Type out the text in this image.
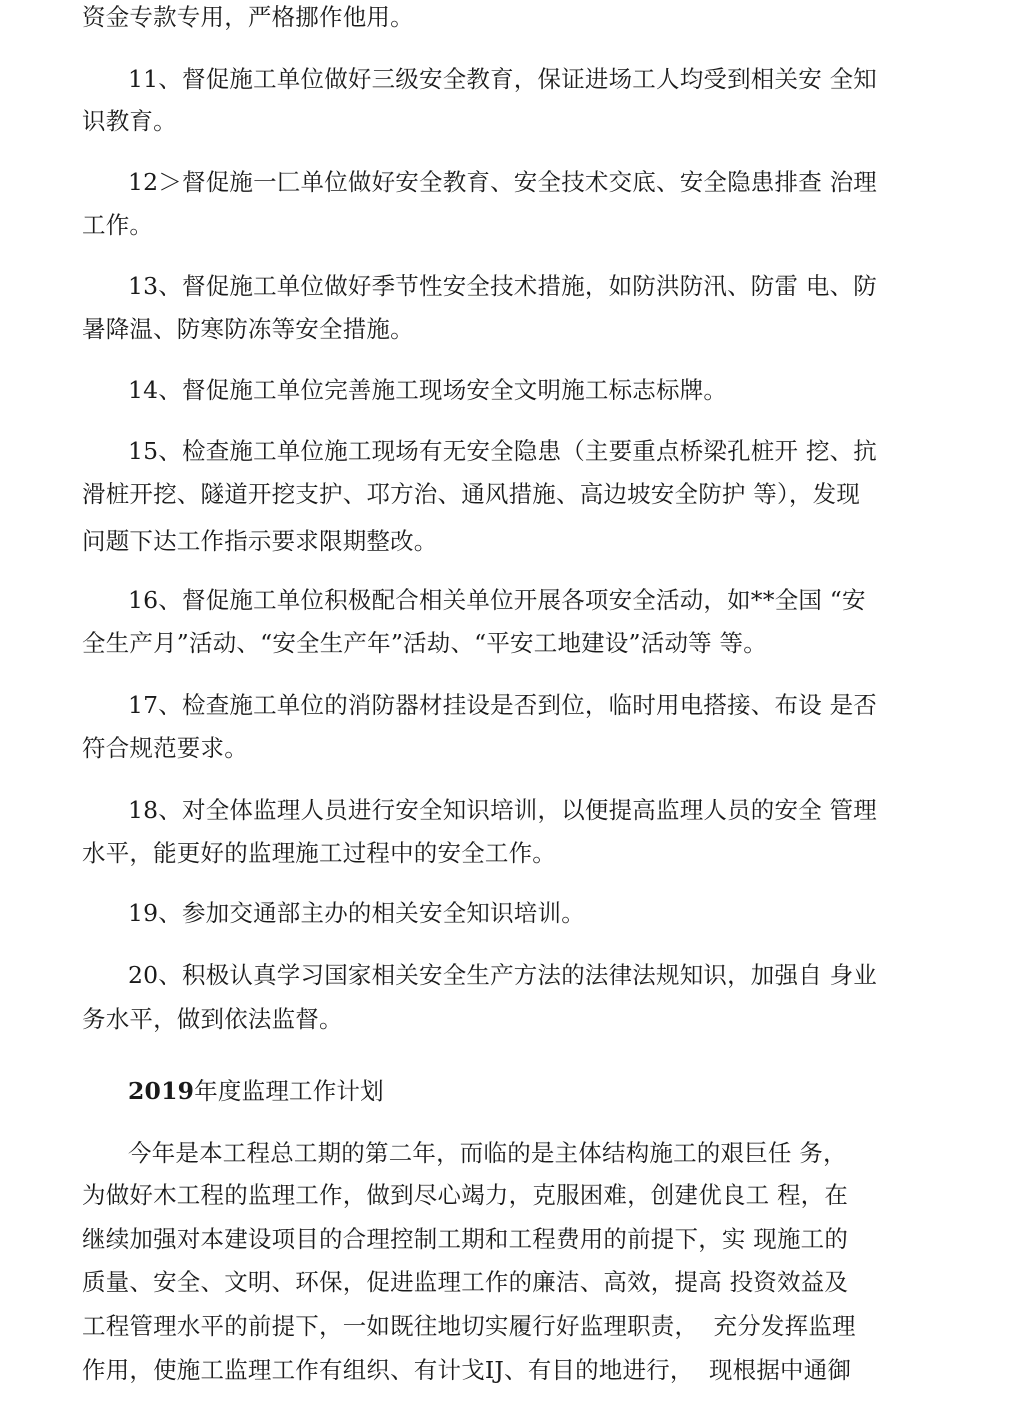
资金专款专用，严格挪作他用。
11、督促施工单位做好三级安全教育，保证进场工人均受到相关安 全知
识教育。
12＞督促施一匚单位做好安全教育、安全技术交底、安全隐患排查 治理
工作。
13、督促施工单位做好季节性安全技术措施，如防洪防汛、防雷 电、防
暑降温、防寒防冻等安全措施。
14、督促施工单位完善施工现场安全文明施工标志标牌。
15、检查施工单位施工现场有无安全隐患（主要重点桥梁孔桩开 挖、抗
滑桩开挖、隧道开挖支护、邛方治、通风措施、高边坡安全防护 等），发现
问题下达工作指示要求限期整改。
16、督促施工单位积极配合相关单位开展各项安全活动，如**全国 “安
全生产月”活动、“安全生产年”活劫、“平安工地建设”活动等 等。
17、检查施工单位的消防器材挂设是否到位，临时用电搭接、布设 是否
符合规范要求。
18、对全体监理人员进行安全知识培训，以便提高监理人员的安全 管理
水平，能更好的监理施工过程中的安全工作。
19、参加交通部主办的相关安全知识培训。
20、积极认真学习国家相关安全生产方法的法律法规知识，加强自 身业
务水平，做到依法监督。
2019年度监理工作计划
今年是本工程总工期的第二年，而临的是主体结构施工的艰巨任 务，
为做好木工程的监理工作，做到尽心竭力，克服困难，创建优良工 程，在
继续加强对本建设项目的合理控制工期和工程费用的前提下，实 现施工的
质量、安全、文明、环保，促进监理工作的廉洁、高效，提高 投资效益及
工程管理水平的前提下，一如既往地切实履行好监理职责，  充分发挥监理
作用，使施工监理工作有组织、有计戈IJ、有目的地进行，  现根据中通御
